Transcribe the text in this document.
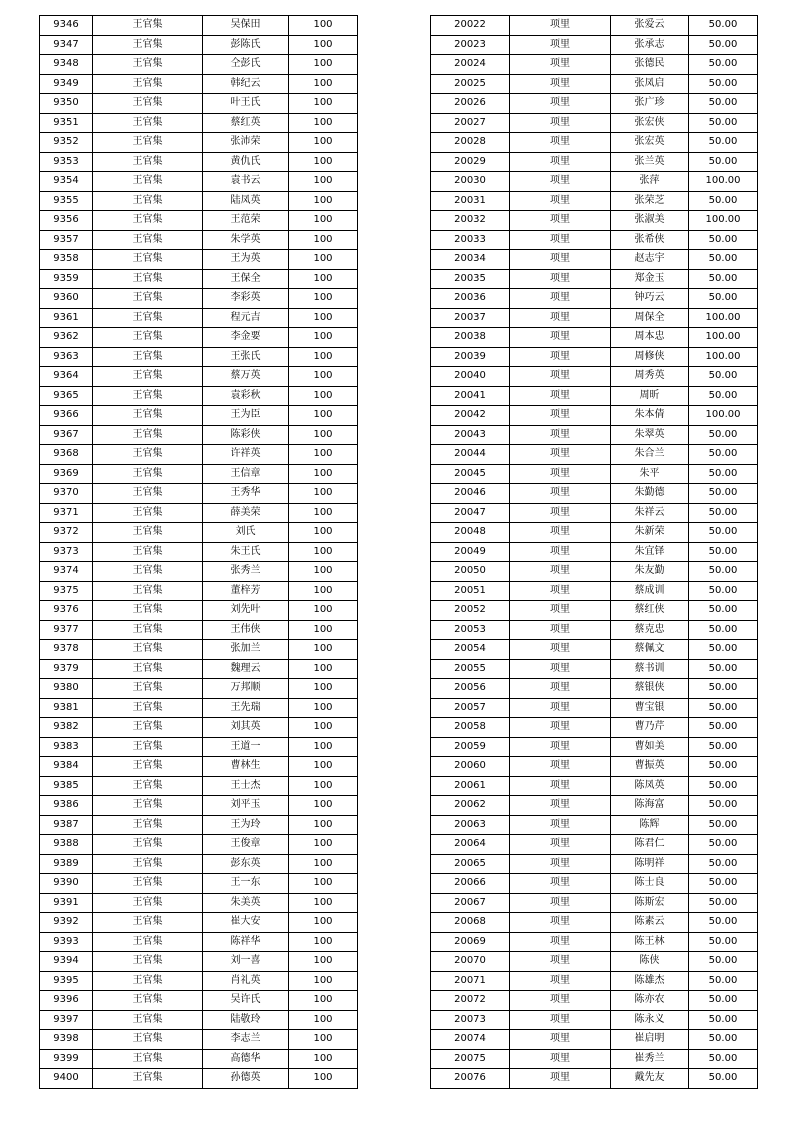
9346	王官集	吴保田	100
9347	王官集	彭陈氏	100
9348	王官集	仝彭氏	100
9349	王官集	韩纪云	100
9350	王官集	叶王氏	100
9351	王官集	蔡红英	100
9352	王官集	张沛荣	100
9353	王官集	黄仇氏	100
9354	王官集	袁书云	100
9355	王官集	陆凤英	100
9356	王官集	王范荣	100
9357	王官集	朱学英	100
9358	王官集	王为英	100
9359	王官集	王保全	100
9360	王官集	李彩英	100
9361	王官集	程元吉	100
9362	王官集	李金要	100
9363	王官集	王张氏	100
9364	王官集	蔡万英	100
9365	王官集	袁彩秋	100
9366	王官集	王为臣	100
9367	王官集	陈彩侠	100
9368	王官集	许祥英	100
9369	王官集	王信章	100
9370	王官集	王秀华	100
9371	王官集	薛美荣	100
9372	王官集	刘氏	100
9373	王官集	朱王氏	100
9374	王官集	张秀兰	100
9375	王官集	董梓芳	100
9376	王官集	刘先叶	100
9377	王官集	王伟侠	100
9378	王官集	张加兰	100
9379	王官集	魏理云	100
9380	王官集	万邦顺	100
9381	王官集	王先瑞	100
9382	王官集	刘其英	100
9383	王官集	王道一	100
9384	王官集	曹林生	100
9385	王官集	王士杰	100
9386	王官集	刘平玉	100
9387	王官集	王为玲	100
9388	王官集	王俊章	100
9389	王官集	彭东英	100
9390	王官集	王一东	100
9391	王官集	朱美英	100
9392	王官集	崔大安	100
9393	王官集	陈祥华	100
9394	王官集	刘一喜	100
9395	王官集	肖礼英	100
9396	王官集	吴许氏	100
9397	王官集	陆敬玲	100
9398	王官集	李志兰	100
9399	王官集	高德华	100
9400	王官集	孙德英	100
20022	项里	张爱云	50.00
20023	项里	张承志	50.00
20024	项里	张德民	50.00
20025	项里	张凤启	50.00
20026	项里	张广珍	50.00
20027	项里	张宏侠	50.00
20028	项里	张宏英	50.00
20029	项里	张兰英	50.00
20030	项里	张萍	100.00
20031	项里	张荣芝	50.00
20032	项里	张淑美	100.00
20033	项里	张希侠	50.00
20034	项里	赵志宇	50.00
20035	项里	郑金玉	50.00
20036	项里	钟巧云	50.00
20037	项里	周保全	100.00
20038	项里	周本忠	100.00
20039	项里	周修侠	100.00
20040	项里	周秀英	50.00
20041	项里	周昕	50.00
20042	项里	朱本倩	100.00
20043	项里	朱翠英	50.00
20044	项里	朱合兰	50.00
20045	项里	朱平	50.00
20046	项里	朱勤德	50.00
20047	项里	朱祥云	50.00
20048	项里	朱新荣	50.00
20049	项里	朱宜铎	50.00
20050	项里	朱友勤	50.00
20051	项里	蔡成训	50.00
20052	项里	蔡红侠	50.00
20053	项里	蔡克忠	50.00
20054	项里	蔡佩文	50.00
20055	项里	蔡书训	50.00
20056	项里	蔡银侠	50.00
20057	项里	曹宝银	50.00
20058	项里	曹乃芹	50.00
20059	项里	曹如美	50.00
20060	项里	曹振英	50.00
20061	项里	陈凤英	50.00
20062	项里	陈海富	50.00
20063	项里	陈辉	50.00
20064	项里	陈君仁	50.00
20065	项里	陈明祥	50.00
20066	项里	陈士良	50.00
20067	项里	陈斯宏	50.00
20068	项里	陈素云	50.00
20069	项里	陈王林	50.00
20070	项里	陈侠	50.00
20071	项里	陈雄杰	50.00
20072	项里	陈亦农	50.00
20073	项里	陈永义	50.00
20074	项里	崔启明	50.00
20075	项里	崔秀兰	50.00
20076	项里	戴先友	50.00
